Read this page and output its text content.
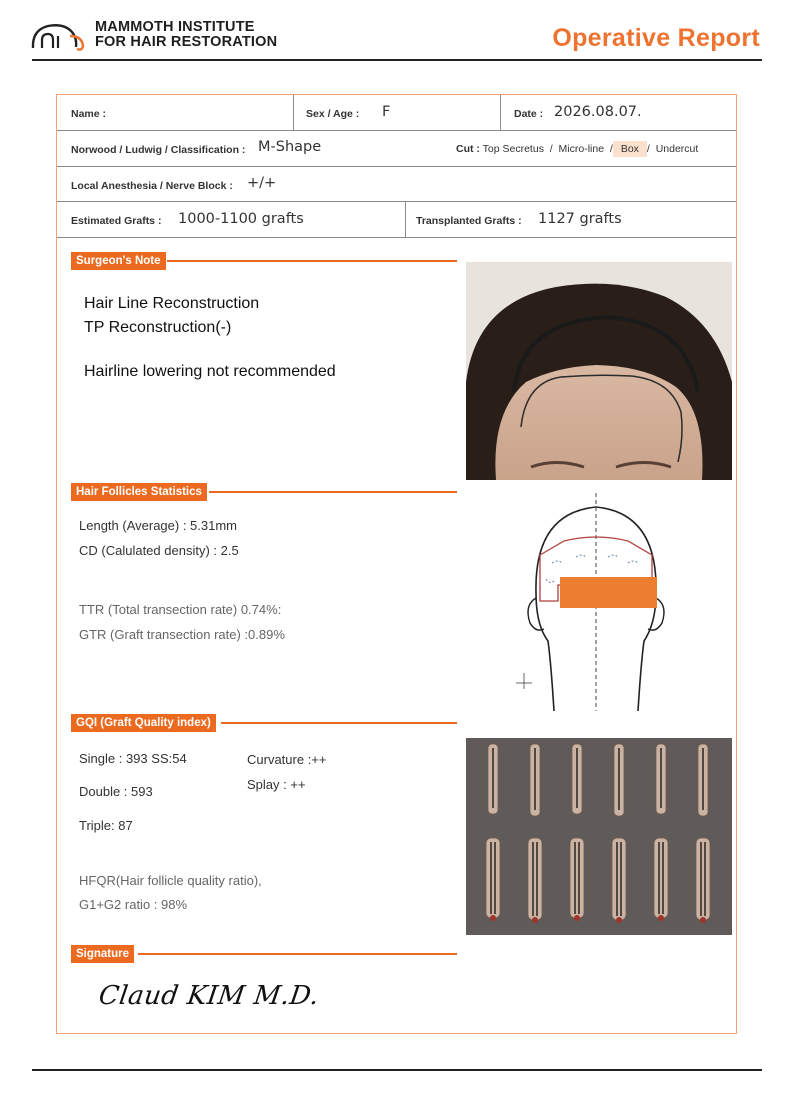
MAMMOTH INSTITUTE
FOR HAIR RESTORATION	Operative Report
Name :	Sex / Age : F	Date : 2026.08.07.
Norwood / Ludwig / Classification : M-Shape	Cut : Top Secretus  /  Micro-line  / Box /  Undercut
Local Anesthesia / Nerve Block : +/+
Estimated Grafts : 1000-1100 grafts	Transplanted Grafts : 1127 grafts
Surgeon's Note
Hair Line Reconstruction
TP Reconstruction(-)
Hairline lowering not recommended
Hair Follicles Statistics
Length (Average) : 5.31mm
CD (Calulated density) : 2.5
TTR (Total transection rate) 0.74%:
GTR (Graft transection rate) :0.89%
GQI (Graft Quality index)
Single : 393 SS:54
Double : 593
Triple: 87
Curvature :++
Splay : ++
HFQR(Hair follicle quality ratio),
G1+G2 ratio : 98%
Signature
Claud KIM M.D.
